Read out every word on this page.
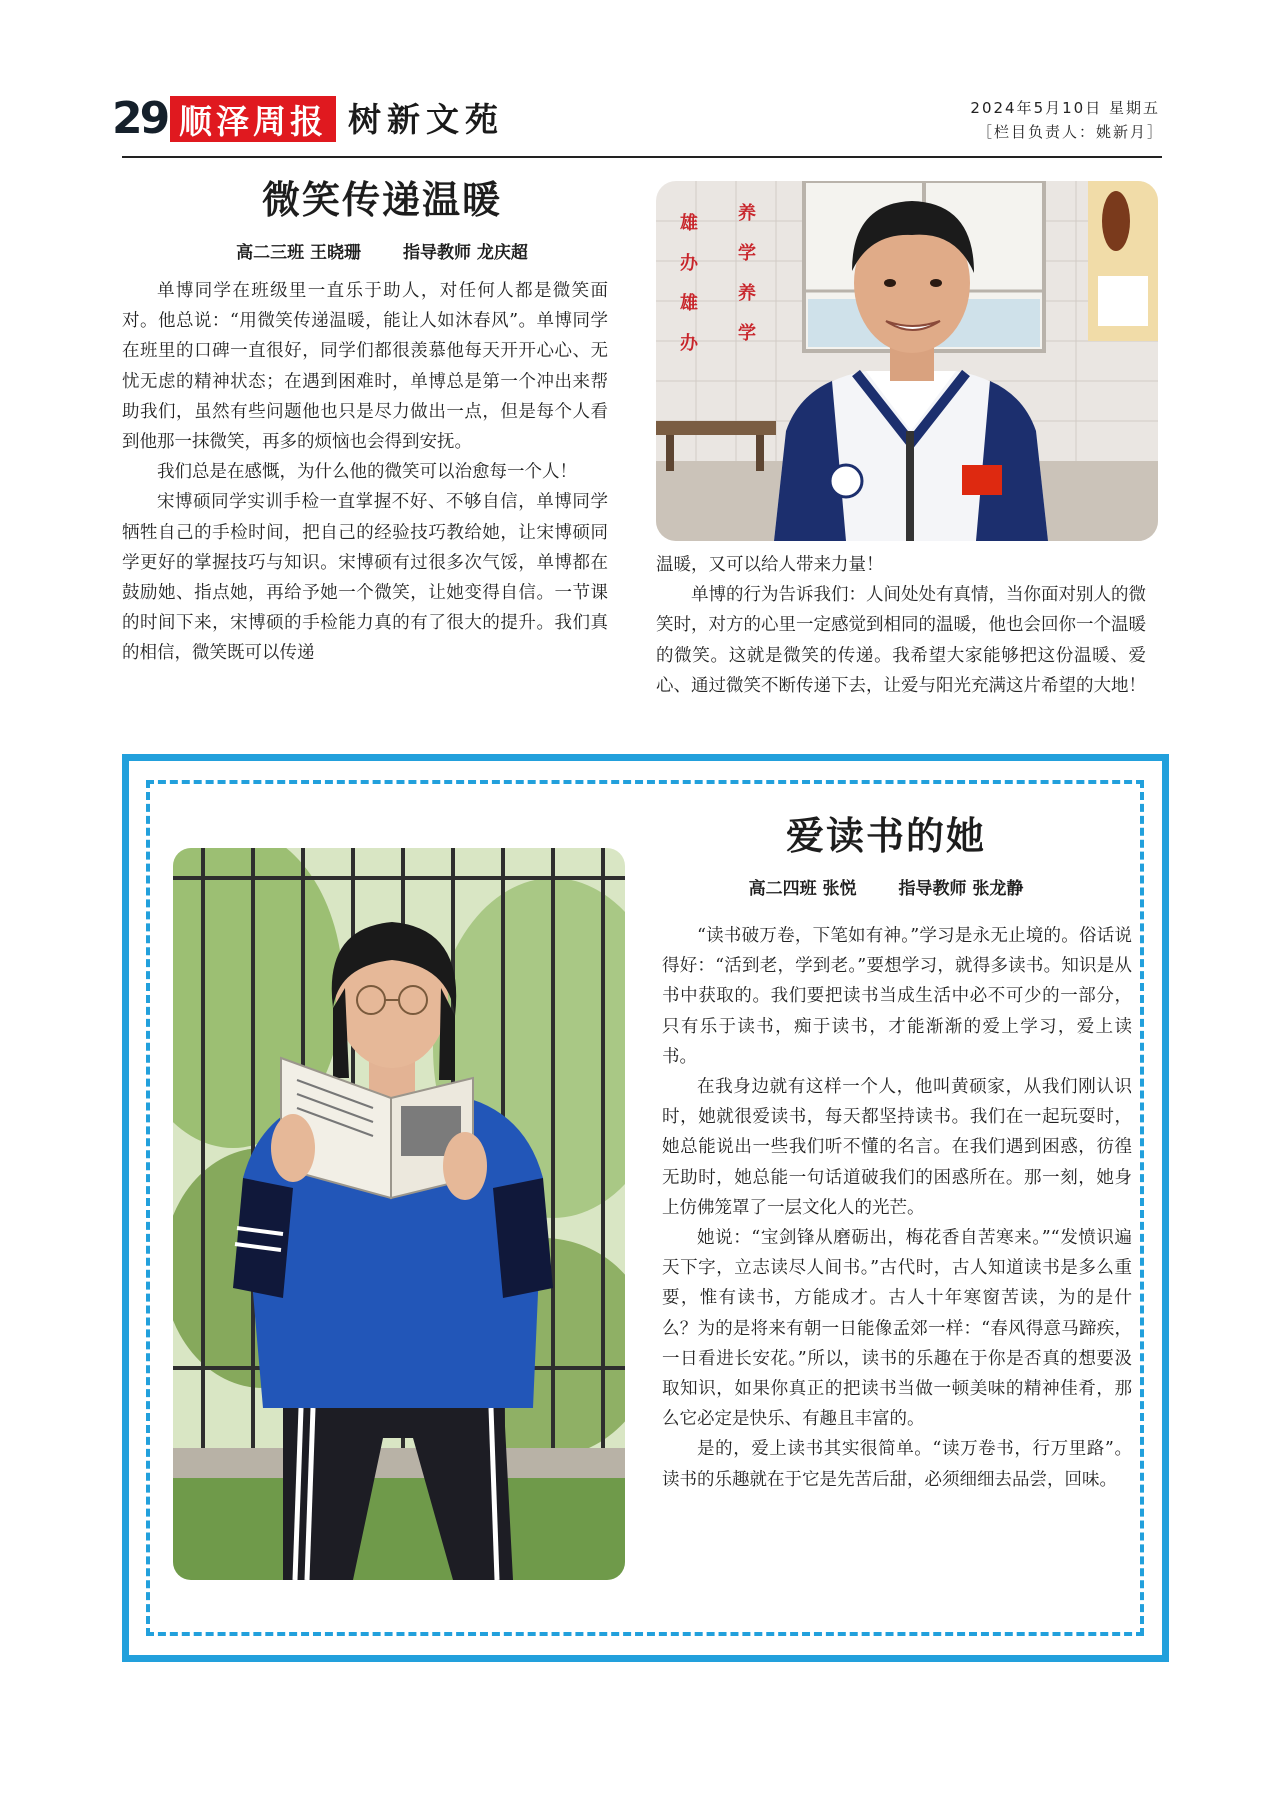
29 顺泽周报 树新文苑	2024年5月10日 星期五
［栏目负责人：姚新月］
微笑传递温暖
高二三班 王晓珊 指导教师 龙庆超

单博同学在班级里一直乐于助人，对任何人都是微笑面对。他总说：“用微笑传递温暖，能让人如沐春风”。单博同学在班里的口碑一直很好，同学们都很羡慕他每天开开心心、无忧无虑的精神状态；在遇到困难时，单博总是第一个冲出来帮助我们，虽然有些问题他也只是尽力做出一点，但是每个人看到他那一抹微笑，再多的烦恼也会得到安抚。

我们总是在感慨，为什么他的微笑可以治愈每一个人！

宋博硕同学实训手检一直掌握不好、不够自信，单博同学牺牲自己的手检时间，把自己的经验技巧教给她，让宋博硕同学更好的掌握技巧与知识。宋博硕有过很多次气馁，单博都在鼓励她、指点她，再给予她一个微笑，让她变得自信。一节课的时间下来，宋博硕的手检能力真的有了很大的提升。我们真的相信，微笑既可以传递

雄
办
雄
办
养
学
养
学

温暖，又可以给人带来力量！

单博的行为告诉我们：人间处处有真情，当你面对别人的微笑时，对方的心里一定感觉到相同的温暖，他也会回你一个温暖的微笑。这就是微笑的传递。我希望大家能够把这份温暖、爱心、通过微笑不断传递下去，让爱与阳光充满这片希望的大地！

爱读书的她
高二四班 张悦 指导教师 张龙静

“读书破万卷，下笔如有神。”学习是永无止境的。俗话说得好：“活到老，学到老。”要想学习，就得多读书。知识是从书中获取的。我们要把读书当成生活中必不可少的一部分，只有乐于读书，痴于读书，才能渐渐的爱上学习，爱上读书。

在我身边就有这样一个人，他叫黄硕家，从我们刚认识时，她就很爱读书，每天都坚持读书。我们在一起玩耍时，她总能说出一些我们听不懂的名言。在我们遇到困惑，彷徨无助时，她总能一句话道破我们的困惑所在。那一刻，她身上仿佛笼罩了一层文化人的光芒。

她说：“宝剑锋从磨砺出，梅花香自苦寒来。”“发愤识遍天下字，立志读尽人间书。”古代时，古人知道读书是多么重要，惟有读书，方能成才。古人十年寒窗苦读，为的是什么？为的是将来有朝一日能像孟郊一样：“春风得意马蹄疾，一日看进长安花。”所以，读书的乐趣在于你是否真的想要汲取知识，如果你真正的把读书当做一顿美味的精神佳肴，那么它必定是快乐、有趣且丰富的。

是的，爱上读书其实很简单。“读万卷书，行万里路”。读书的乐趣就在于它是先苦后甜，必须细细去品尝，回味。
